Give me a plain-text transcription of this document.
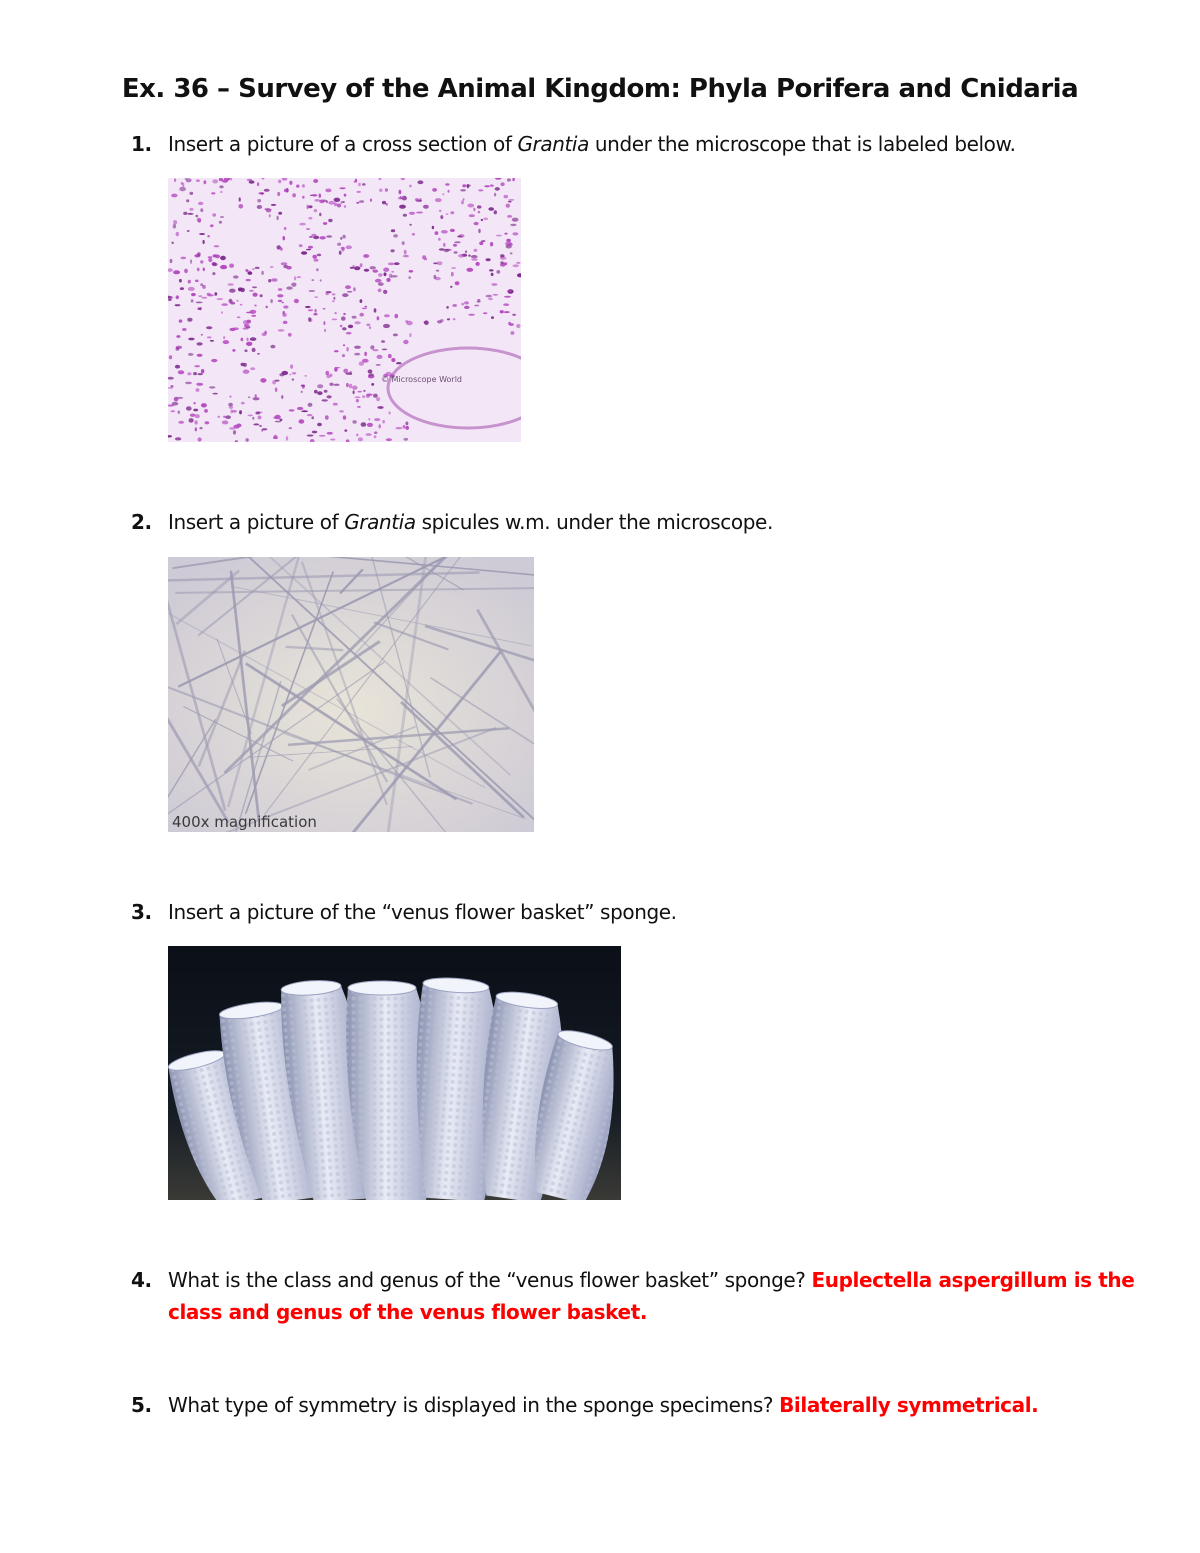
Ex. 36 – Survey of the Animal Kingdom: Phyla Porifera and Cnidaria
1. Insert a picture of a cross section of Grantia under the microscope that is labeled below.
© Microscope World
2. Insert a picture of Grantia spicules w.m. under the microscope.
400x magnification
3. Insert a picture of the “venus flower basket” sponge.
4. What is the class and genus of the “venus flower basket” sponge? Euplectella aspergillum is the class and genus of the venus flower basket.
5. What type of symmetry is displayed in the sponge specimens? Bilaterally symmetrical.
